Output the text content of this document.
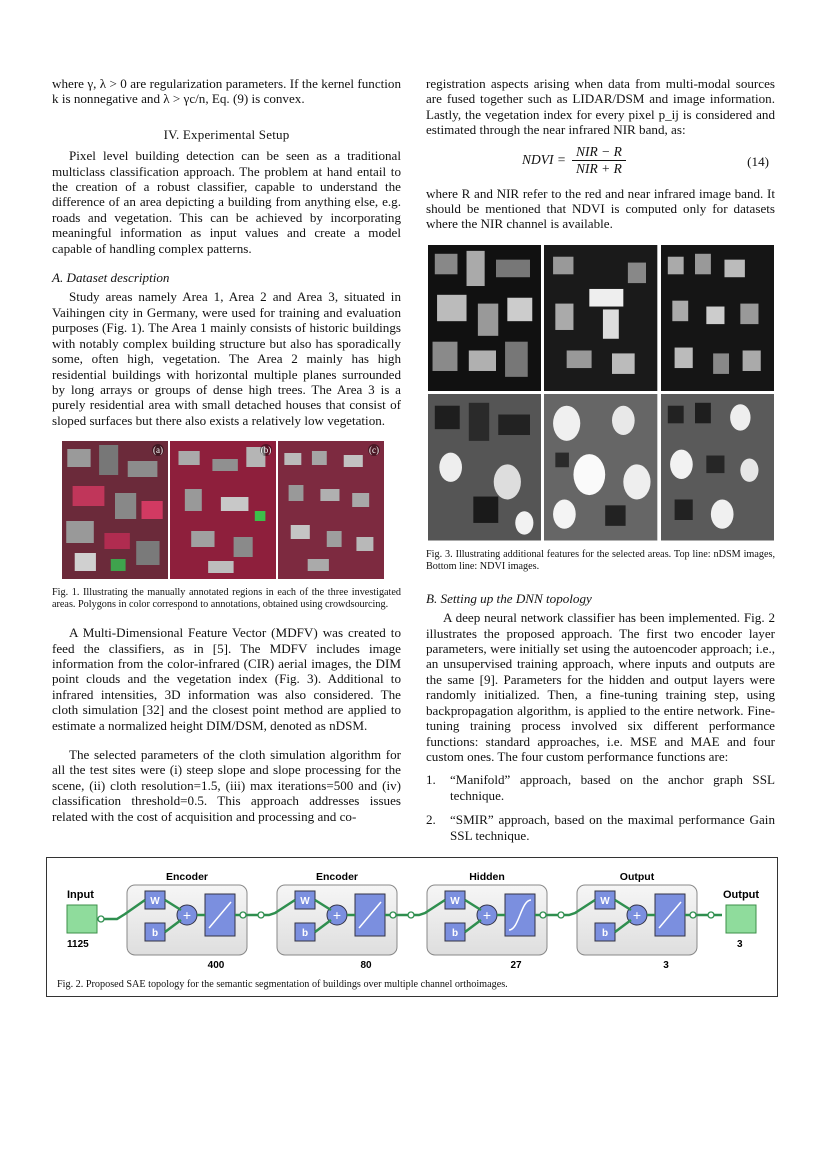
where γ, λ > 0 are regularization parameters. If the kernel function k is nonnegative and λ > γc/n, Eq. (9) is convex.

IV. Experimental Setup

Pixel level building detection can be seen as a traditional multiclass classification approach. The problem at hand entail to the creation of a robust classifier, capable to understand the difference of an area depicting a building from anything else, e.g. roads and vegetation. This can be achieved by incorporating meaningful information as input values and create a model capable of handling complex patterns.

A. Dataset description

Study areas namely Area 1, Area 2 and Area 3, situated in Vaihingen city in Germany, were used for training and evaluation purposes (Fig. 1). The Area 1 mainly consists of historic buildings with notably complex building structure but also has sporadically some, often high, vegetation. The Area 2 mainly has high residential buildings with horizontal multiple planes surrounded by long arrays or groups of dense high trees. The Area 3 is a purely residential area with small detached houses that consist of sloped surfaces but there also exists a relatively low vegetation.

(a)	(b)	(c)

Fig. 1. Illustrating the manually annotated regions in each of the three investigated areas. Polygons in color correspond to annotations, obtained using crowdsourcing.

A Multi-Dimensional Feature Vector (MDFV) was created to feed the classifiers, as in [5]. The MDFV includes image information from the color-infrared (CIR) aerial images, the DIM point clouds and the vegetation index (Fig. 3). Additional to infrared intensities, 3D information was also considered. The cloth simulation [32] and the closest point method are applied to estimate a normalized height DIM/DSM, denoted as nDSM.

The selected parameters of the cloth simulation algorithm for all the test sites were (i) steep slope and slope processing for the scene, (ii) cloth resolution=1.5, (iii) max iterations=500 and (iv) classification threshold=0.5. This approach addresses issues related with the cost of acquisition and processing and co-

registration aspects arising when data from multi-modal sources are fused together such as LIDAR/DSM and image information. Lastly, the vegetation index for every pixel p_ij is considered and estimated through the near infrared NIR band, as:

NDVI = $\frac{\text{NIR − R}}{\text{NIR + R}}$	(14)

where R and NIR refer to the red and near infrared image band. It should be mentioned that NDVI is computed only for datasets where the NIR channel is available.

Fig. 3. Illustrating additional features for the selected areas. Top line: nDSM images, Bottom line: NDVI images.

B. Setting up the DNN topology

A deep neural network classifier has been implemented. Fig. 2 illustrates the proposed approach. The first two encoder layer parameters, were initially set using the autoencoder approach; i.e., an unsupervised training approach, where inputs and outputs are the same [9]. Parameters for the hidden and output layers were randomly initialized. Then, a fine-tuning training step, using backpropagation algorithm, is applied to the entire network. Fine-tuning training process involved six different performance functions: standard approaches, i.e. MSE and MAE and four custom ones. The four custom performance functions are:

1. “Manifold” approach, based on the anchor graph SSL technique.
2. “SMIR” approach, based on the maximal performance Gain SSL technique.
Input
1125
Output
3
Encoder
W
b
+
400
Encoder
W
b
+
80
Hidden
W
b
+
27
Output
W
b
+
3
Fig. 2. Proposed SAE topology for the semantic segmentation of buildings over multiple channel orthoimages.
